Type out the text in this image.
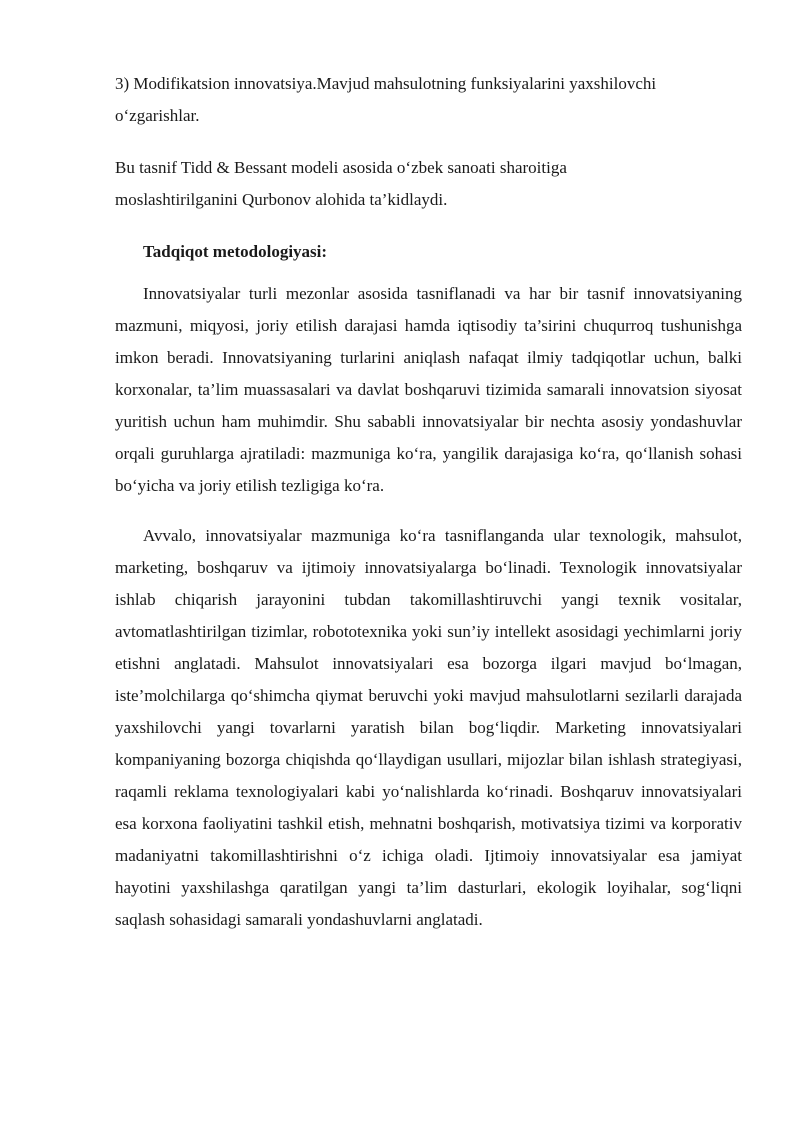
3) Modifikatsion innovatsiya.Mavjud mahsulotning funksiyalarini yaxshilovchi
o‘zgarishlar.

Bu tasnif Tidd & Bessant modeli asosida o‘zbek sanoati sharoitiga
moslashtirilganini Qurbonov alohida ta’kidlaydi.

Tadqiqot metodologiyasi:

Innovatsiyalar turli mezonlar asosida tasniflanadi va har bir tasnif innovatsiyaning mazmuni, miqyosi, joriy etilish darajasi hamda iqtisodiy ta’sirini chuqurroq tushunishga imkon beradi. Innovatsiyaning turlarini aniqlash nafaqat ilmiy tadqiqotlar uchun, balki korxonalar, ta’lim muassasalari va davlat boshqaruvi tizimida samarali innovatsion siyosat yuritish uchun ham muhimdir. Shu sababli innovatsiyalar bir nechta asosiy yondashuvlar orqali guruhlarga ajratiladi: mazmuniga ko‘ra, yangilik darajasiga ko‘ra, qo‘llanish sohasi bo‘yicha va joriy etilish tezligiga ko‘ra.

Avvalo, innovatsiyalar mazmuniga ko‘ra tasniflanganda ular texnologik, mahsulot, marketing, boshqaruv va ijtimoiy innovatsiyalarga bo‘linadi. Texnologik innovatsiyalar ishlab chiqarish jarayonini tubdan takomillashtiruvchi yangi texnik vositalar, avtomatlashtirilgan tizimlar, robototexnika yoki sun’iy intellekt asosidagi yechimlarni joriy etishni anglatadi. Mahsulot innovatsiyalari esa bozorga ilgari mavjud bo‘lmagan, iste’molchilarga qo‘shimcha qiymat beruvchi yoki mavjud mahsulotlarni sezilarli darajada yaxshilovchi yangi tovarlarni yaratish bilan bog‘liqdir. Marketing innovatsiyalari kompaniyaning bozorga chiqishda qo‘llaydigan usullari, mijozlar bilan ishlash strategiyasi, raqamli reklama texnologiyalari kabi yo‘nalishlarda ko‘rinadi. Boshqaruv innovatsiyalari esa korxona faoliyatini tashkil etish, mehnatni boshqarish, motivatsiya tizimi va korporativ madaniyatni takomillashtirishni o‘z ichiga oladi. Ijtimoiy innovatsiyalar esa jamiyat hayotini yaxshilashga qaratilgan yangi ta’lim dasturlari, ekologik loyihalar, sog‘liqni saqlash sohasidagi samarali yondashuvlarni anglatadi.
